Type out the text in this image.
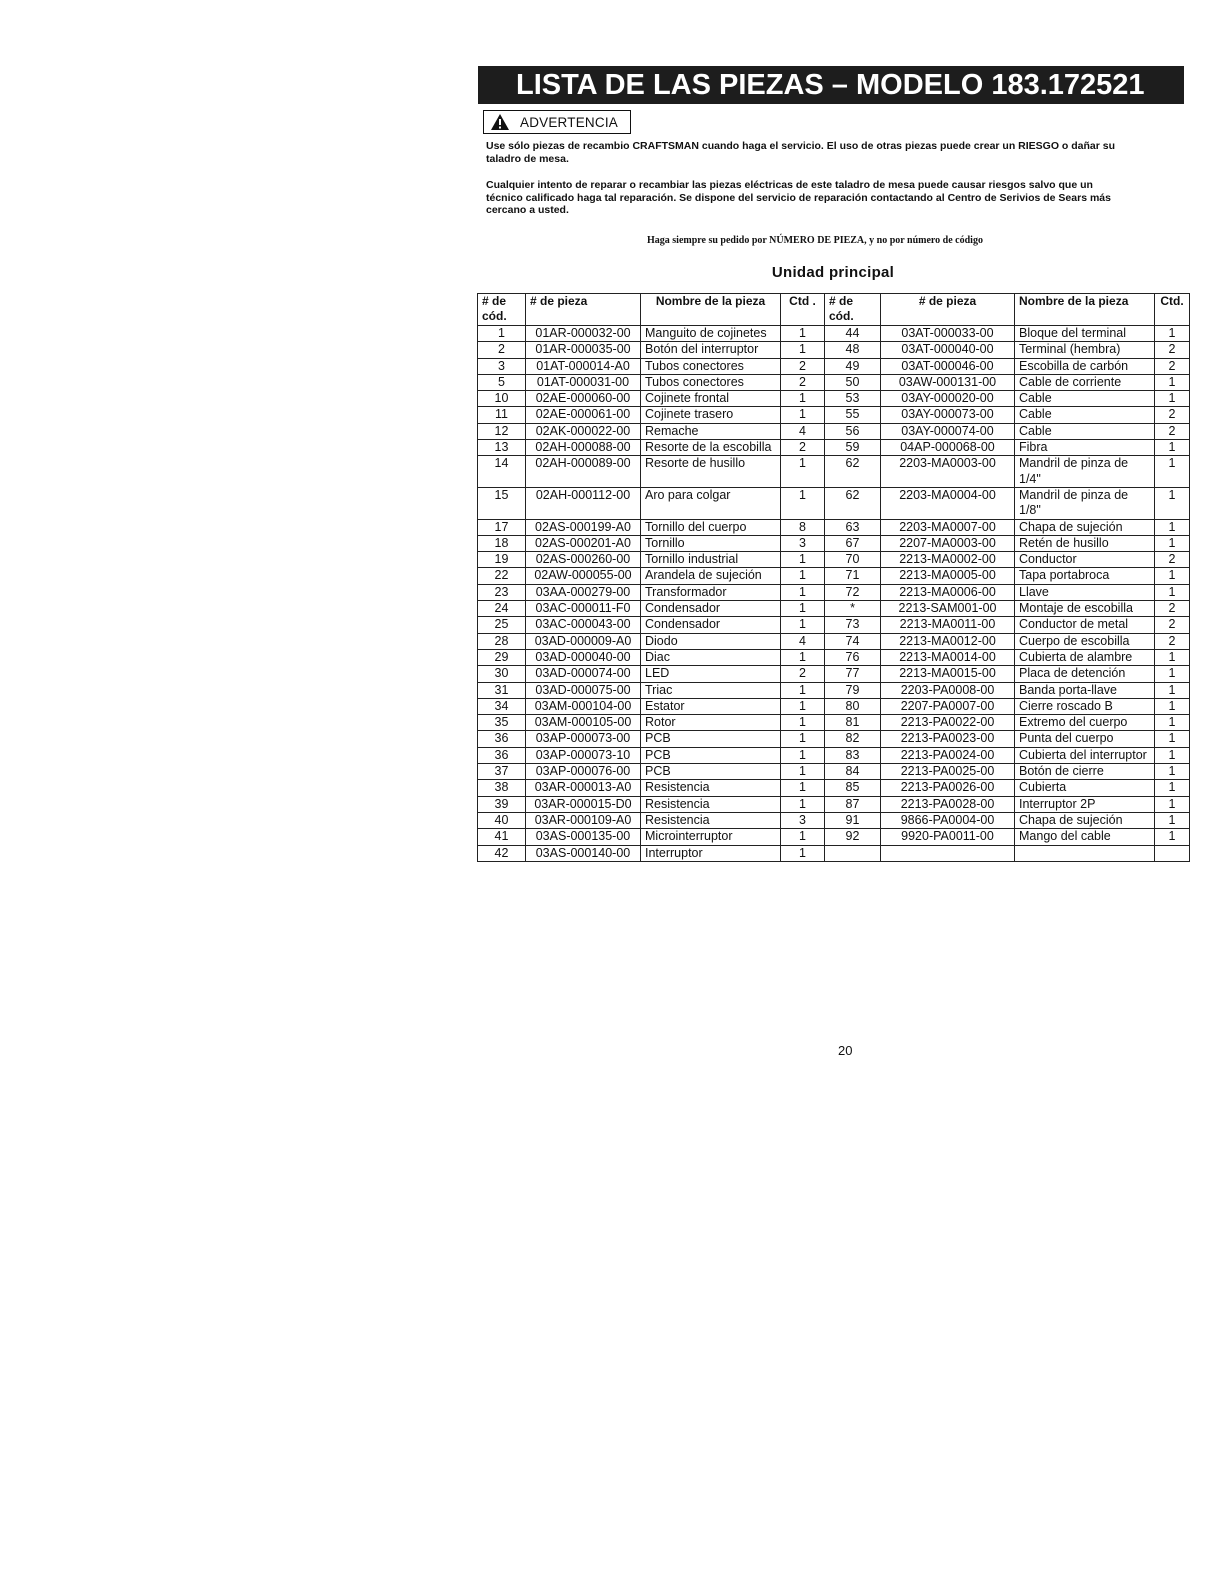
LISTA DE LAS PIEZAS – MODELO 183.172521
ADVERTENCIA
Use sólo piezas de recambio CRAFTSMAN cuando haga el servicio. El uso de otras piezas puede crear un RIESGO o dañar su
taladro de mesa.
Cualquier intento de reparar o recambiar las piezas eléctricas de este taladro de mesa puede causar riesgos salvo que un
técnico calificado haga tal reparación. Se dispone del servicio de reparación contactando al Centro de Serivios de Sears más
cercano a usted.
Haga siempre su pedido por NÚMERO DE PIEZA, y no por número de código
Unidad principal
# de cód.	# de pieza	Nombre de la pieza	Ctd .	# de cód.	# de pieza	Nombre de la pieza	Ctd.
1	01AR-000032-00	Manguito de cojinetes	1	44	03AT-000033-00	Bloque del terminal	1
2	01AR-000035-00	Botón del interruptor	1	48	03AT-000040-00	Terminal (hembra)	2
3	01AT-000014-A0	Tubos conectores	2	49	03AT-000046-00	Escobilla de carbón	2
5	01AT-000031-00	Tubos conectores	2	50	03AW-000131-00	Cable de corriente	1
10	02AE-000060-00	Cojinete frontal	1	53	03AY-000020-00	Cable	1
11	02AE-000061-00	Cojinete trasero	1	55	03AY-000073-00	Cable	2
12	02AK-000022-00	Remache	4	56	03AY-000074-00	Cable	2
13	02AH-000088-00	Resorte de la escobilla	2	59	04AP-000068-00	Fibra	1
14	02AH-000089-00	Resorte de husillo	1	62	2203-MA0003-00	Mandril de pinza de 1/4"	1
15	02AH-000112-00	Aro para colgar	1	62	2203-MA0004-00	Mandril de pinza de 1/8"	1
17	02AS-000199-A0	Tornillo del cuerpo	8	63	2203-MA0007-00	Chapa de sujeción	1
18	02AS-000201-A0	Tornillo	3	67	2207-MA0003-00	Retén de husillo	1
19	02AS-000260-00	Tornillo industrial	1	70	2213-MA0002-00	Conductor	2
22	02AW-000055-00	Arandela de sujeción	1	71	2213-MA0005-00	Tapa portabroca	1
23	03AA-000279-00	Transformador	1	72	2213-MA0006-00	Llave	1
24	03AC-000011-F0	Condensador	1	*	2213-SAM001-00	Montaje de escobilla	2
25	03AC-000043-00	Condensador	1	73	2213-MA0011-00	Conductor de metal	2
28	03AD-000009-A0	Diodo	4	74	2213-MA0012-00	Cuerpo de escobilla	2
29	03AD-000040-00	Diac	1	76	2213-MA0014-00	Cubierta de alambre	1
30	03AD-000074-00	LED	2	77	2213-MA0015-00	Placa de detención	1
31	03AD-000075-00	Triac	1	79	2203-PA0008-00	Banda porta-llave	1
34	03AM-000104-00	Estator	1	80	2207-PA0007-00	Cierre roscado B	1
35	03AM-000105-00	Rotor	1	81	2213-PA0022-00	Extremo del cuerpo	1
36	03AP-000073-00	PCB	1	82	2213-PA0023-00	Punta del cuerpo	1
36	03AP-000073-10	PCB	1	83	2213-PA0024-00	Cubierta del interruptor	1
37	03AP-000076-00	PCB	1	84	2213-PA0025-00	Botón de cierre	1
38	03AR-000013-A0	Resistencia	1	85	2213-PA0026-00	Cubierta	1
39	03AR-000015-D0	Resistencia	1	87	2213-PA0028-00	Interruptor 2P	1
40	03AR-000109-A0	Resistencia	3	91	9866-PA0004-00	Chapa de sujeción	1
41	03AS-000135-00	Microinterruptor	1	92	9920-PA0011-00	Mango del cable	1
42	03AS-000140-00	Interruptor	1				
20
